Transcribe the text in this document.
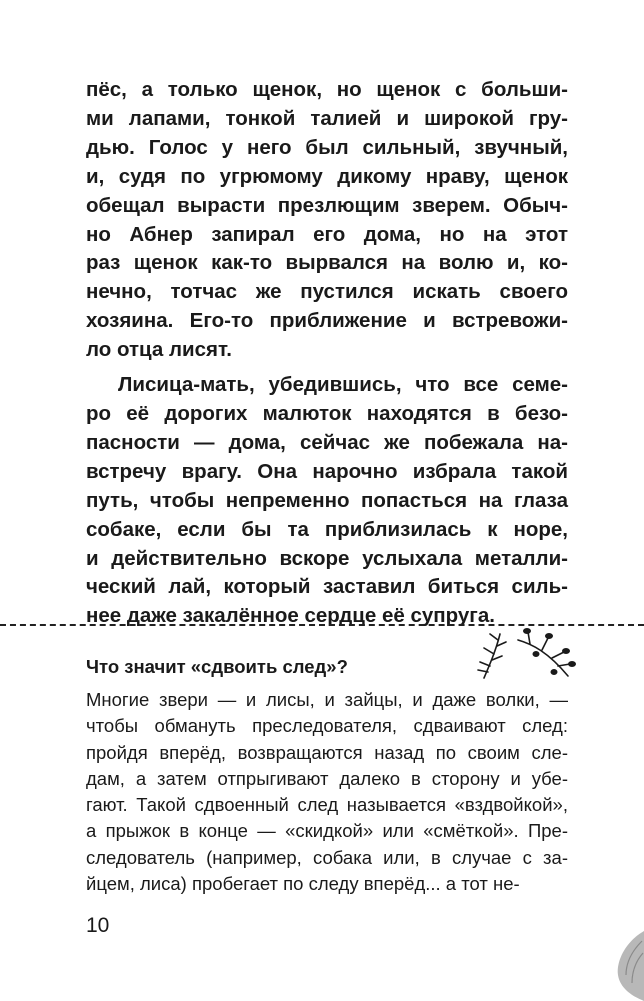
пёс, а только щенок, но щенок с больши-
ми лапами, тонкой талией и широкой гру-
дью. Голос у него был сильный, звучный,
и, судя по угрюмому дикому нраву, щенок
обещал вырасти презлющим зверем. Обыч-
но Абнер запирал его дома, но на этот
раз щенок как-то вырвался на волю и, ко-
нечно, тотчас же пустился искать своего
хозяина. Его-то приближение и встревожи-
ло отца лисят.
Лисица-мать, убедившись, что все семе-
ро её дорогих малюток находятся в безо-
пасности — дома, сейчас же побежала на-
встречу врагу. Она нарочно избрала такой
путь, чтобы непременно попасться на глаза
собаке, если бы та приблизилась к норе,
и действительно вскоре услыхала металли-
ческий лай, который заставил биться силь-
нее даже закалённое сердце её супруга.
Что значит «сдвоить след»?
Многие звери — и лисы, и зайцы, и даже волки, —
чтобы обмануть преследователя, сдваивают след:
пройдя вперёд, возвращаются назад по своим сле-
дам, а затем отпрыгивают далеко в сторону и убе-
гают. Такой сдвоенный след называется «вздвойкой»,
а прыжок в конце — «скидкой» или «смёткой». Пре-
следователь (например, собака или, в случае с за-
йцем, лиса) пробегает по следу вперёд... а тот не-
10
